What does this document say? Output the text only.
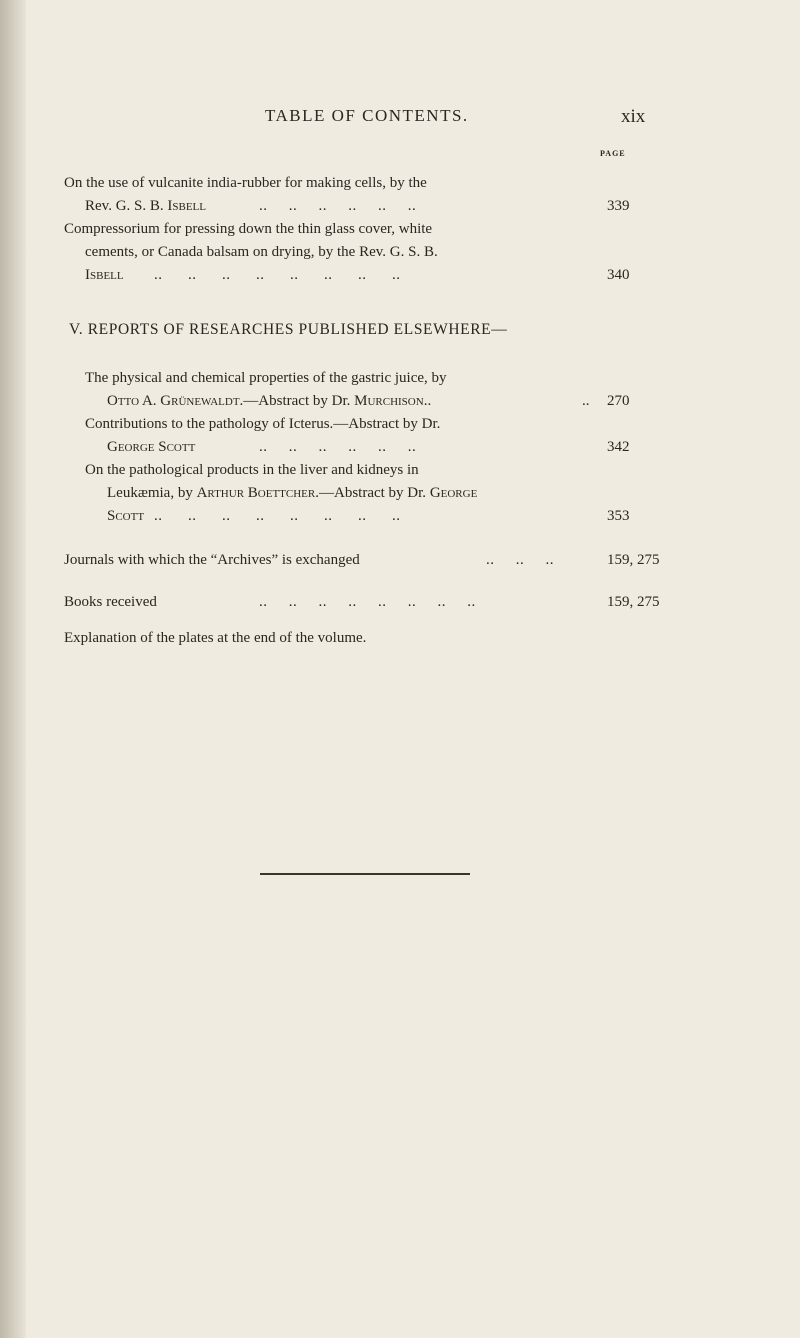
TABLE OF CONTENTS.	xix
PAGE
On the use of vulcanite india-rubber for making cells, by the
Rev. G. S. B. Isbell	..     ..     ..     ..     ..     ..	339
Compressorium for pressing down the thin glass cover, white
cements, or Canada balsam on drying, by the Rev. G. S. B.
Isbell ..      ..      ..      ..      ..      ..      ..      ..	340
V. REPORTS OF RESEARCHES PUBLISHED ELSEWHERE—
The physical and chemical properties of the gastric juice, by
Otto A. Grünewaldt.—Abstract by Dr. Murchison..	.. 270
Contributions to the pathology of Icterus.—Abstract by Dr.
George Scott	..     ..     ..     ..     ..     ..	342
On the pathological products in the liver and kidneys in
Leukæmia, by Arthur Boettcher.—Abstract by Dr. George
Scott ..      ..      ..      ..      ..      ..      ..      ..	353
Journals with which the “Archives” is exchanged	..     ..     ..	159, 275
Books received	..     ..     ..     ..     ..     ..     ..     ..	159, 275
Explanation of the plates at the end of the volume.
